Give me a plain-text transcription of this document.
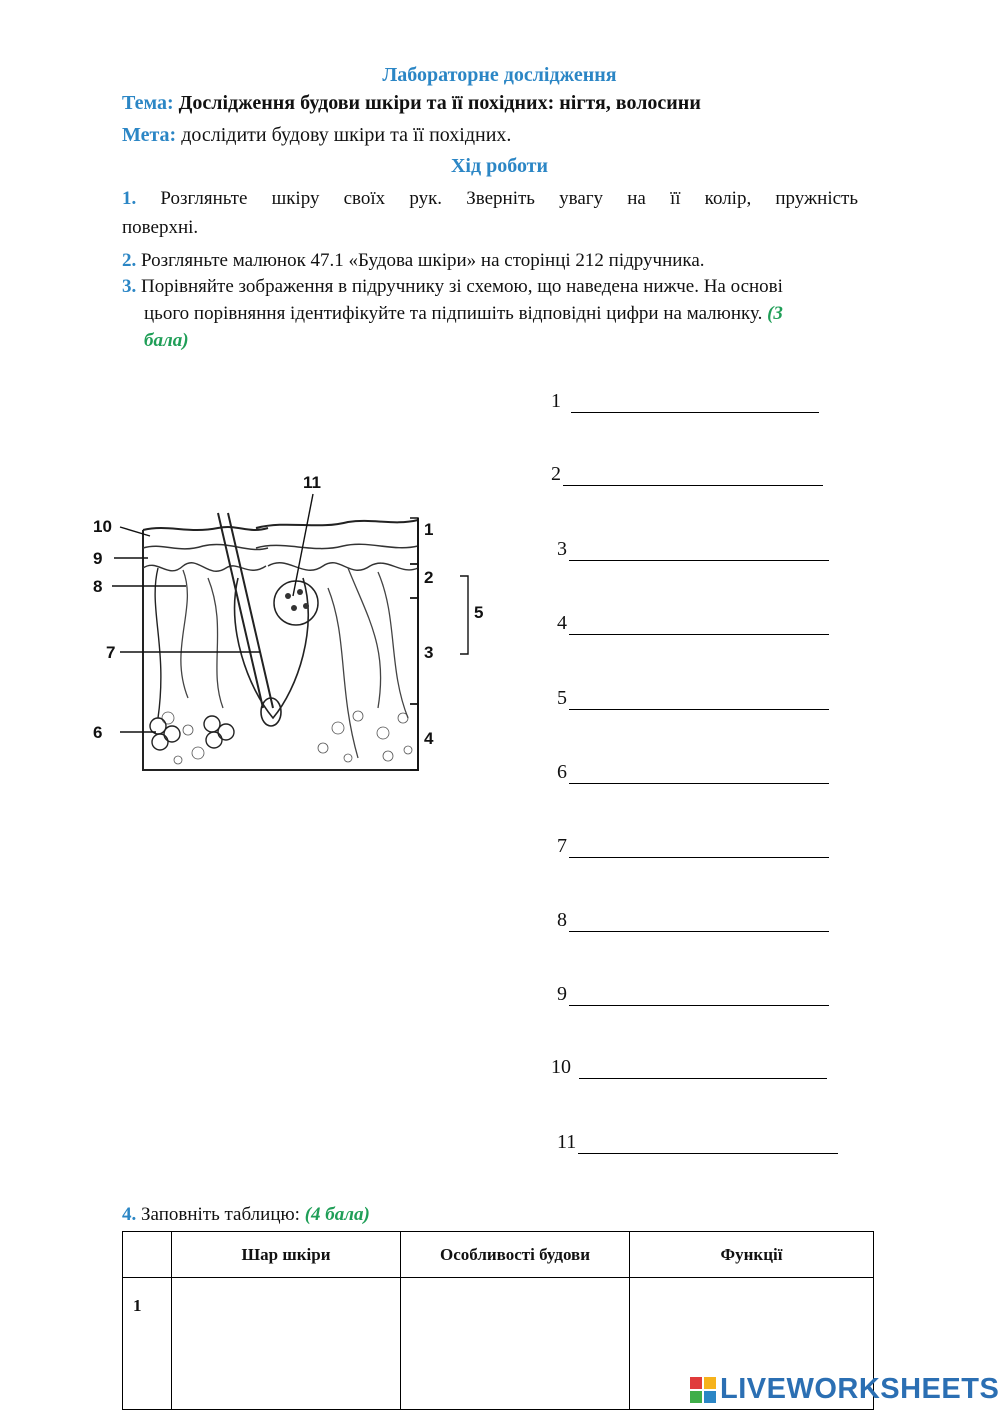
Лабораторне дослідження
Тема: Дослідження будови шкіри та її похідних: нігтя, волосини
Мета: дослідити будову шкіри та її похідних.
Хід роботи
1. Розгляньте шкіру своїх рук. Зверніть увагу на її колір, пружність
поверхні.
2. Розгляньте малюнок 47.1 «Будова шкіри» на сторінці 212 підручника.
3. Порівняйте зображення в підручнику зі схемою, що наведена нижче. На основі
цього порівняння ідентифікуйте та підпишіть відповідні цифри на малюнку. (3
бала)
10
9
8
7
6
11
1
2
3
4
5
1
2
3
4
5
6
7
8
9
10
11
4. Заповніть таблицю: (4 бала)
	Шар шкіри	Особливості будови	Функції
1			
LIVEWORKSHEETS
